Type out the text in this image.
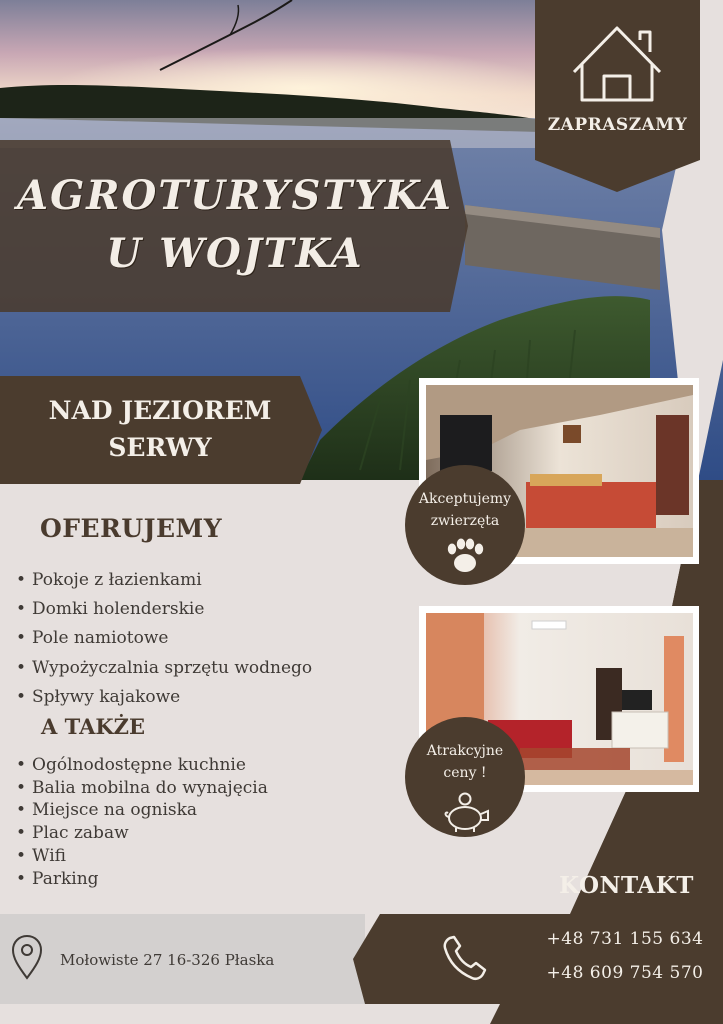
AGROTURYSTYKA
U WOJTKA
ZAPRASZAMY
NAD JEZIOREM
SERWY
OFERUJEMY
• Pokoje z łazienkami
• Domki holenderskie
• Pole namiotowe
• Wypożyczalnia sprzętu wodnego
• Spływy kajakowe
A TAKŻE
• Ogólnodostępne kuchnie
• Balia mobilna do wynajęcia
• Miejsce na ogniska
• Plac zabaw
• Wifi
• Parking
Akceptujemy
zwierzęta
Atrakcyjne
ceny !
KONTAKT
Mołowiste 27 16-326 Płaska
+48 731 155 634
+48 609 754 570
